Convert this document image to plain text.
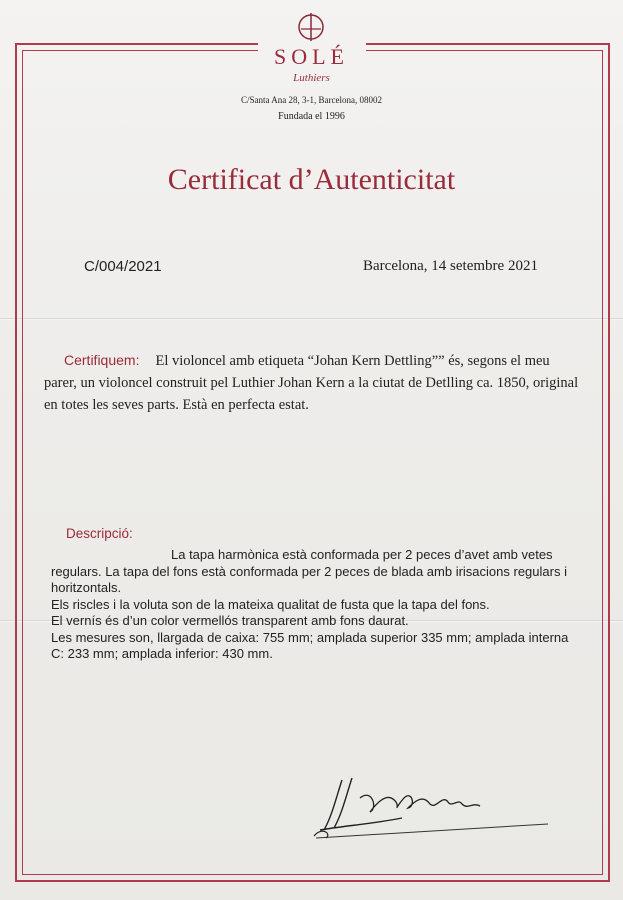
SOLÉ
Luthiers
C/Santa Ana 28, 3-1, Barcelona, 08002
Fundada el 1996
Certificat d’Autenticitat
C/004/2021	Barcelona, 14 setembre 2021
Certifiquem: El violoncel amb etiqueta “Johan Kern Dettling”” és, segons el meu parer, un violoncel construit pel Luthier Johan Kern a la ciutat de Detlling ca. 1850, original en totes les seves parts. Està en perfecta estat.
Descripció:

La tapa harmònica està conformada per 2 peces d’avet amb vetes regulars. La tapa del fons està conformada per 2 peces de blada amb irisacions regulars i horitzontals.

Els riscles i la voluta son de la mateixa qualitat de fusta que la tapa del fons.

El vernís és d’un color vermellós transparent amb fons daurat.

Les mesures son, llargada de caixa: 755 mm; amplada superior 335 mm; amplada interna C: 233 mm; amplada inferior: 430 mm.
